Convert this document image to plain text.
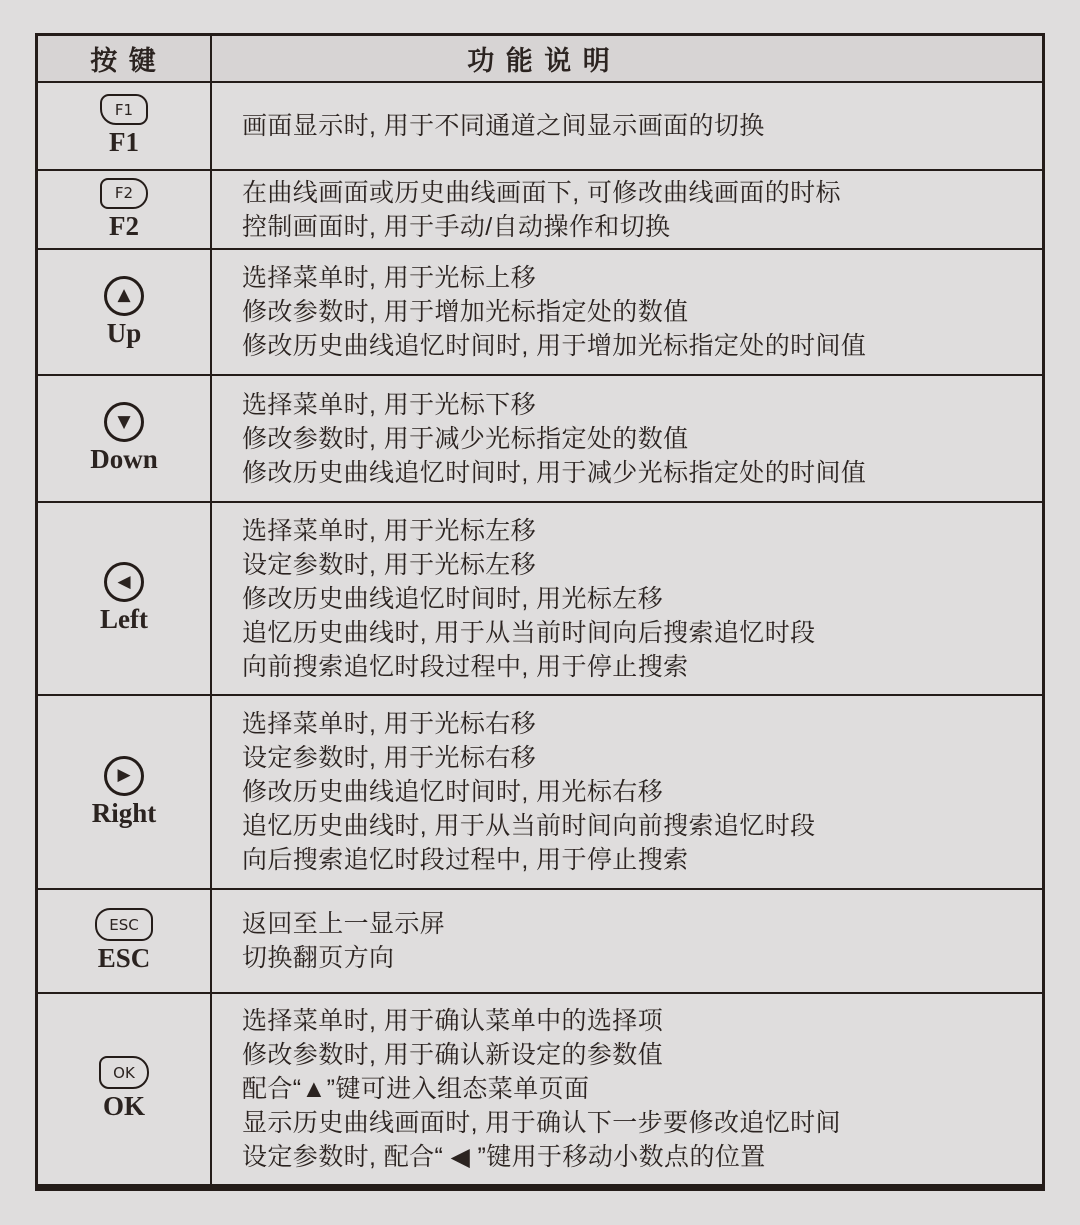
按 键	功 能 说 明
F1
F1
画面显示时, 用于不同通道之间显示画面的切换
F2
F2
在曲线画面或历史曲线画面下, 可修改曲线画面的时标
控制画面时, 用于手动/自动操作和切换
▲
Up
选择菜单时, 用于光标上移
修改参数时, 用于增加光标指定处的数值
修改历史曲线追忆时间时, 用于增加光标指定处的时间值
▼
Down
选择菜单时, 用于光标下移
修改参数时, 用于减少光标指定处的数值
修改历史曲线追忆时间时, 用于减少光标指定处的时间值
◀
Left
选择菜单时, 用于光标左移
设定参数时, 用于光标左移
修改历史曲线追忆时间时, 用光标左移
追忆历史曲线时, 用于从当前时间向后搜索追忆时段
向前搜索追忆时段过程中, 用于停止搜索
▶
Right
选择菜单时, 用于光标右移
设定参数时, 用于光标右移
修改历史曲线追忆时间时, 用光标右移
追忆历史曲线时, 用于从当前时间向前搜索追忆时段
向后搜索追忆时段过程中, 用于停止搜索
ESC
ESC
返回至上一显示屏
切换翻页方向
OK
OK
选择菜单时, 用于确认菜单中的选择项
修改参数时, 用于确认新设定的参数值
配合“▲”键可进入组态菜单页面
显示历史曲线画面时, 用于确认下一步要修改追忆时间
设定参数时, 配合“ ◀ ”键用于移动小数点的位置
